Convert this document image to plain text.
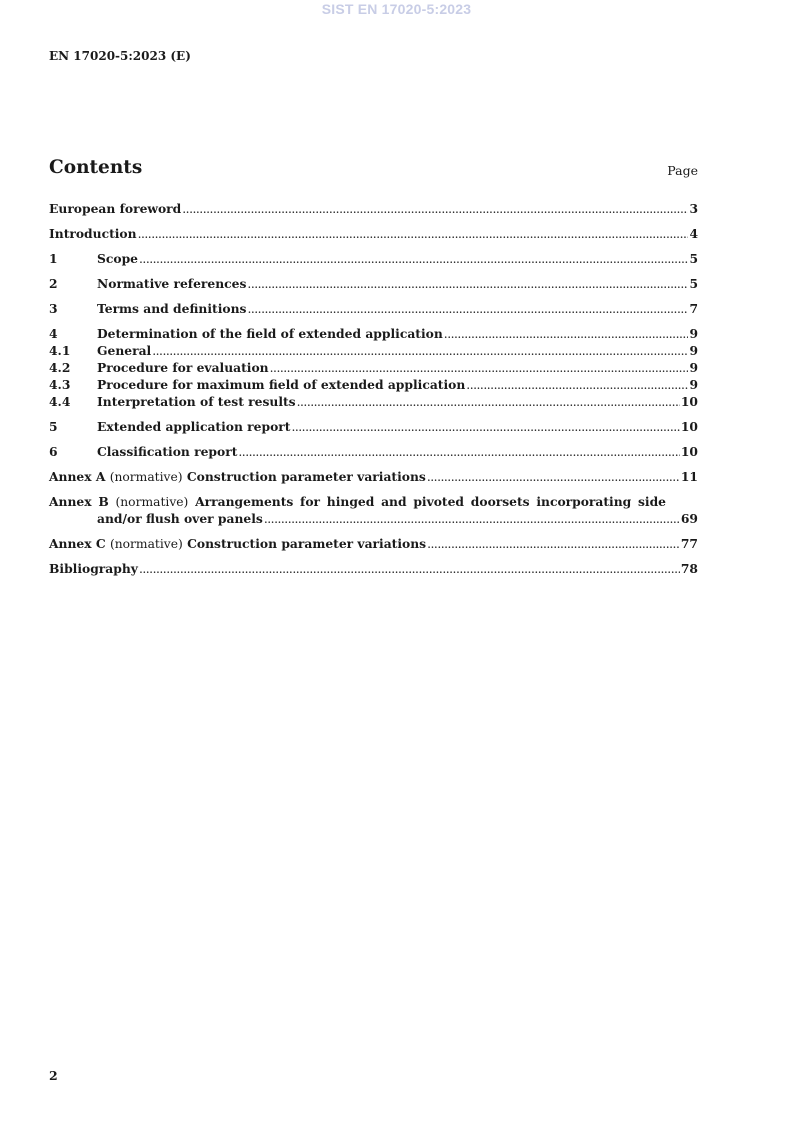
SIST EN 17020-5:2023
EN 17020-5:2023 (E)
Contents	Page
European foreword .....	3
Introduction .....	4
1	Scope .....	5
2	Normative references .....	5
3	Terms and definitions .....	7
4	Determination of the field of extended application .....	9
4.1	General .....	9
4.2	Procedure for evaluation .....	9
4.3	Procedure for maximum field of extended application .....	9
4.4	Interpretation of test results .....	10
5	Extended application report .....	10
6	Classification report .....	10
Annex A (normative) Construction parameter variations .....	11
Annex B (normative) Arrangements for hinged and pivoted doorsets incorporating side
and/or flush over panels .....	69
Annex C (normative) Construction parameter variations .....	77
Bibliography .....	78
2
